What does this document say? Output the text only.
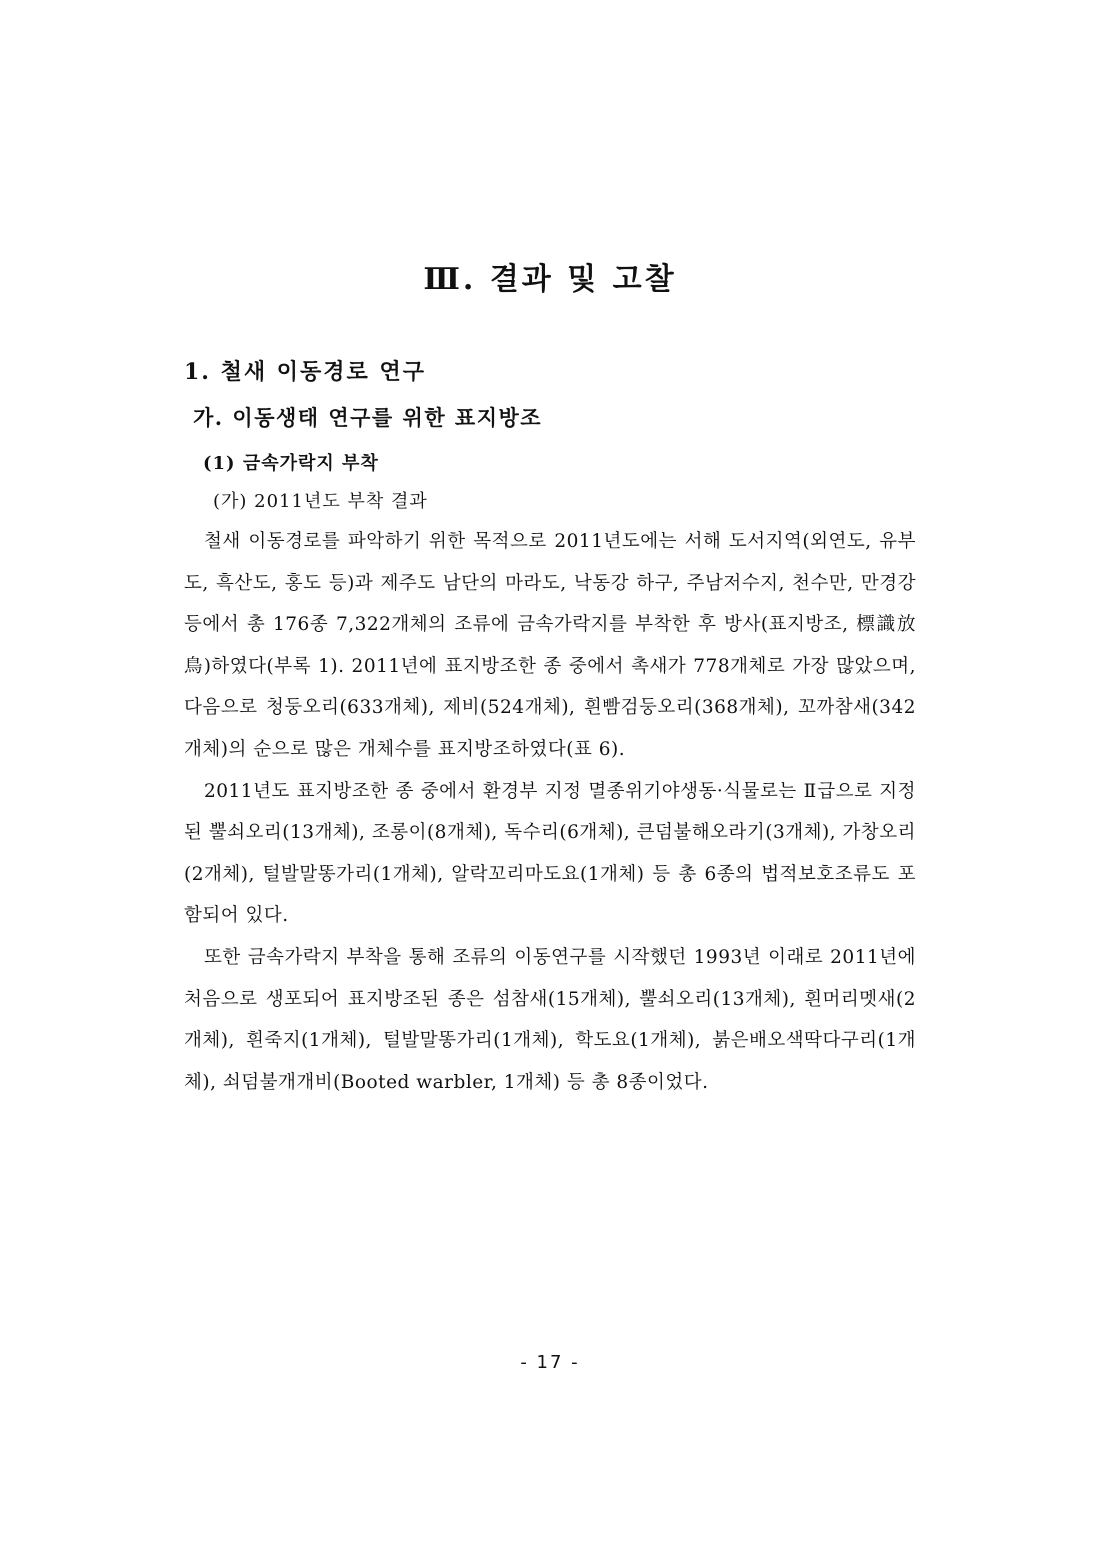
Ⅲ. 결과 및 고찰
1. 철새 이동경로 연구
가. 이동생태 연구를 위한 표지방조
(1) 금속가락지 부착
(가) 2011년도 부착 결과

철새 이동경로를 파악하기 위한 목적으로 2011년도에는 서해 도서지역(외연도, 유부도, 흑산도, 홍도 등)과 제주도 남단의 마라도, 낙동강 하구, 주남저수지, 천수만, 만경강 등에서 총 176종 7,322개체의 조류에 금속가락지를 부착한 후 방사(표지방조, 標識放鳥)하였다(부록 1). 2011년에 표지방조한 종 중에서 촉새가 778개체로 가장 많았으며, 다음으로 청둥오리(633개체), 제비(524개체), 흰빰검둥오리(368개체), 꼬까참새(342개체)의 순으로 많은 개체수를 표지방조하였다(표 6).

2011년도 표지방조한 종 중에서 환경부 지정 멸종위기야생동·식물로는 Ⅱ급으로 지정된 뿔쇠오리(13개체), 조롱이(8개체), 독수리(6개체), 큰덤불해오라기(3개체), 가창오리(2개체), 털발말똥가리(1개체), 알락꼬리마도요(1개체) 등 총 6종의 법적보호조류도 포함되어 있다.

또한 금속가락지 부착을 통해 조류의 이동연구를 시작했던 1993년 이래로 2011년에 처음으로 생포되어 표지방조된 종은 섬참새(15개체), 뿔쇠오리(13개체), 흰머리멧새(2개체), 흰죽지(1개체), 털발말똥가리(1개체), 학도요(1개체), 붉은배오색딱다구리(1개체), 쇠덤불개개비(Booted warbler, 1개체) 등 총 8종이었다.

- 17 -
